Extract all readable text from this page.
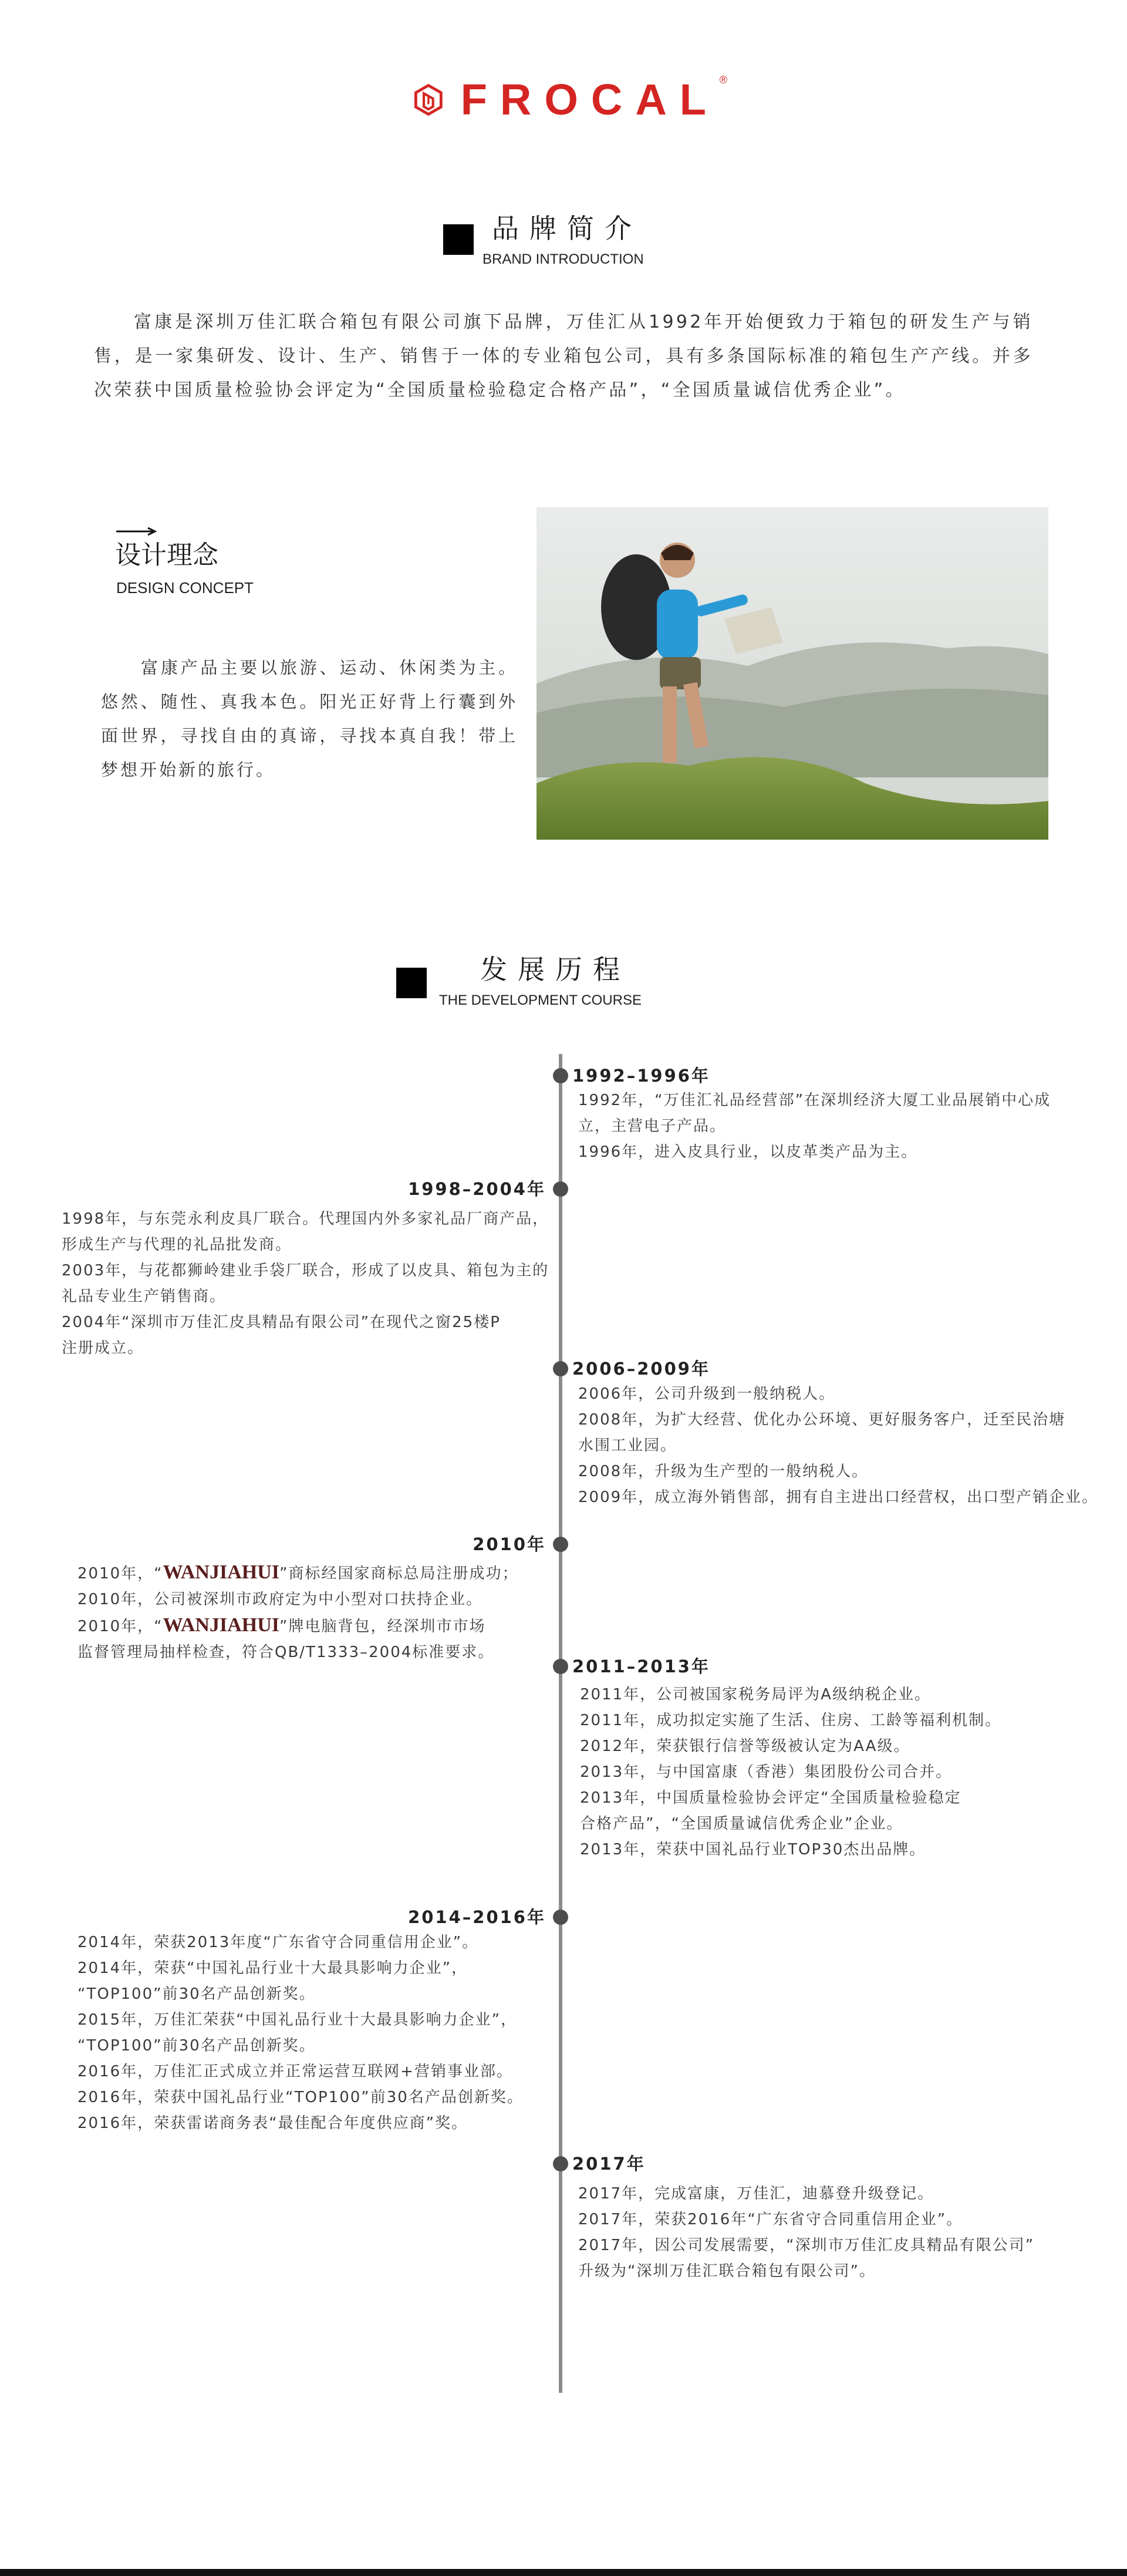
FROCAL ®
品牌简介
BRAND INTRODUCTION

富康是深圳万佳汇联合箱包有限公司旗下品牌，万佳汇从1992年开始便致力于箱包的研发生产与销售，是一家集研发、设计、生产、销售于一体的专业箱包公司，具有多条国际标准的箱包生产产线。并多次荣获中国质量检验协会评定为“全国质量检验稳定合格产品”，“全国质量诚信优秀企业”。

设计理念
DESIGN CONCEPT

富康产品主要以旅游、运动、休闲类为主。悠然、随性、真我本色。阳光正好背上行囊到外面世界，寻找自由的真谛，寻找本真自我！带上梦想开始新的旅行。

发展历程
THE DEVELOPMENT COURSE
1992–1996年

1992年，“万佳汇礼品经营部”在深圳经济大厦工业品展销中心成
立，主营电子产品。

1996年，进入皮具行业，以皮革类产品为主。

1998–2004年

1998年，与东莞永利皮具厂联合。代理国内外多家礼品厂商产品，
形成生产与代理的礼品批发商。

2003年，与花都狮岭建业手袋厂联合，形成了以皮具、箱包为主的
礼品专业生产销售商。

2004年“深圳市万佳汇皮具精品有限公司”在现代之窗25楼P
注册成立。

2006–2009年

2006年，公司升级到一般纳税人。

2008年，为扩大经营、优化办公环境、更好服务客户，迁至民治塘
水围工业园。

2008年，升级为生产型的一般纳税人。

2009年，成立海外销售部，拥有自主进出口经营权，出口型产销企业。

2010年

2010年，“WANJIAHUI”商标经国家商标总局注册成功；

2010年，公司被深圳市政府定为中小型对口扶持企业。

2010年，“WANJIAHUI”牌电脑背包，经深圳市市场

监督管理局抽样检查，符合QB/T1333–2004标准要求。

2011–2013年

2011年，公司被国家税务局评为A级纳税企业。

2011年，成功拟定实施了生活、住房、工龄等福利机制。

2012年，荣获银行信誉等级被认定为AA级。

2013年，与中国富康（香港）集团股份公司合并。

2013年，中国质量检验协会评定“全国质量检验稳定
合格产品”，“全国质量诚信优秀企业”企业。

2013年，荣获中国礼品行业TOP30杰出品牌。

2014–2016年

2014年，荣获2013年度“广东省守合同重信用企业”。

2014年，荣获“中国礼品行业十大最具影响力企业”，
“TOP100”前30名产品创新奖。

2015年，万佳汇荣获“中国礼品行业十大最具影响力企业”，
“TOP100”前30名产品创新奖。

2016年，万佳汇正式成立并正常运营互联网+营销事业部。

2016年，荣获中国礼品行业“TOP100”前30名产品创新奖。

2016年，荣获雷诺商务表“最佳配合年度供应商”奖。

2017年

2017年，完成富康，万佳汇，迪慕登升级登记。

2017年，荣获2016年“广东省守合同重信用企业”。

2017年，因公司发展需要，“深圳市万佳汇皮具精品有限公司”
升级为“深圳万佳汇联合箱包有限公司”。
